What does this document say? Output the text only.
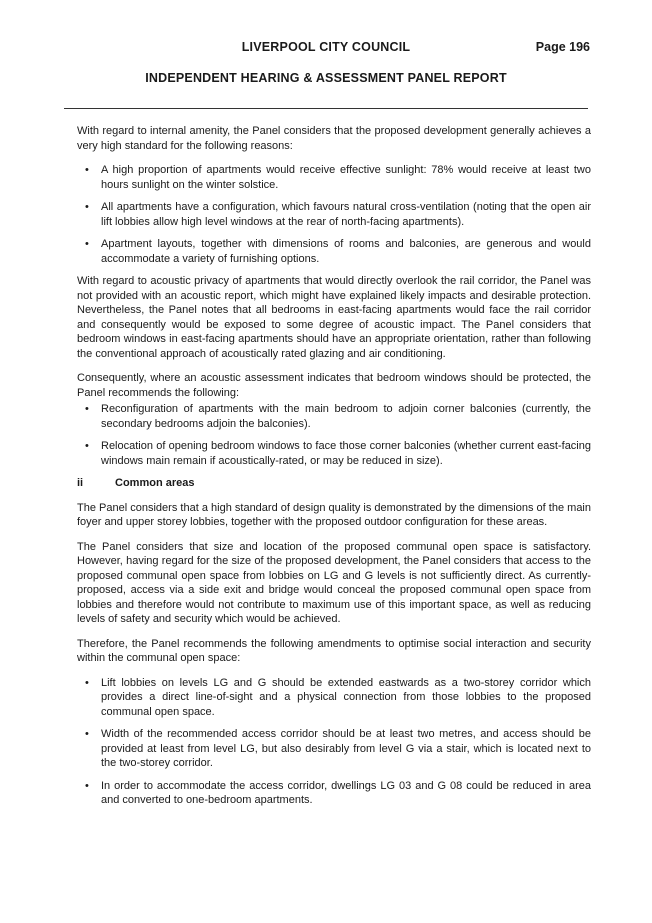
LIVERPOOL CITY COUNCIL	Page 196
INDEPENDENT HEARING & ASSESSMENT PANEL REPORT

With regard to internal amenity, the Panel considers that the proposed development generally achieves a very high standard for the following reasons:

• A high proportion of apartments would receive effective sunlight: 78% would receive at least two hours sunlight on the winter solstice.
• All apartments have a configuration, which favours natural cross-ventilation (noting that the open air lift lobbies allow high level windows at the rear of north-facing apartments).
• Apartment layouts, together with dimensions of rooms and balconies, are generous and would accommodate a variety of furnishing options.

With regard to acoustic privacy of apartments that would directly overlook the rail corridor, the Panel was not provided with an acoustic report, which might have explained likely impacts and desirable protection. Nevertheless, the Panel notes that all bedrooms in east-facing apartments would face the rail corridor and consequently would be exposed to some degree of acoustic impact. The Panel considers that bedroom windows in east-facing apartments should have an appropriate orientation, rather than following the conventional approach of acoustically rated glazing and air conditioning.

Consequently, where an acoustic assessment indicates that bedroom windows should be protected, the Panel recommends the following:

• Reconfiguration of apartments with the main bedroom to adjoin corner balconies (currently, the secondary bedrooms adjoin the balconies).
• Relocation of opening bedroom windows to face those corner balconies (whether current east-facing windows main remain if acoustically-rated, or may be reduced in size).
ii	Common areas

The Panel considers that a high standard of design quality is demonstrated by the dimensions of the main foyer and upper storey lobbies, together with the proposed outdoor configuration for these areas.

The Panel considers that size and location of the proposed communal open space is satisfactory. However, having regard for the size of the proposed development, the Panel considers that access to the proposed communal open space from lobbies on LG and G levels is not sufficiently direct. As currently-proposed, access via a side exit and bridge would conceal the proposed communal open space from lobbies and therefore would not contribute to maximum use of this important space, as well as reducing levels of safety and security which would be achieved.

Therefore, the Panel recommends the following amendments to optimise social interaction and security within the communal open space:

• Lift lobbies on levels LG and G should be extended eastwards as a two-storey corridor which provides a direct line-of-sight and a physical connection from those lobbies to the proposed communal open space.
• Width of the recommended access corridor should be at least two metres, and access should be provided at least from level LG, but also desirably from level G via a stair, which is located next to the two-storey corridor.
• In order to accommodate the access corridor, dwellings LG 03 and G 08 could be reduced in area and converted to one-bedroom apartments.
